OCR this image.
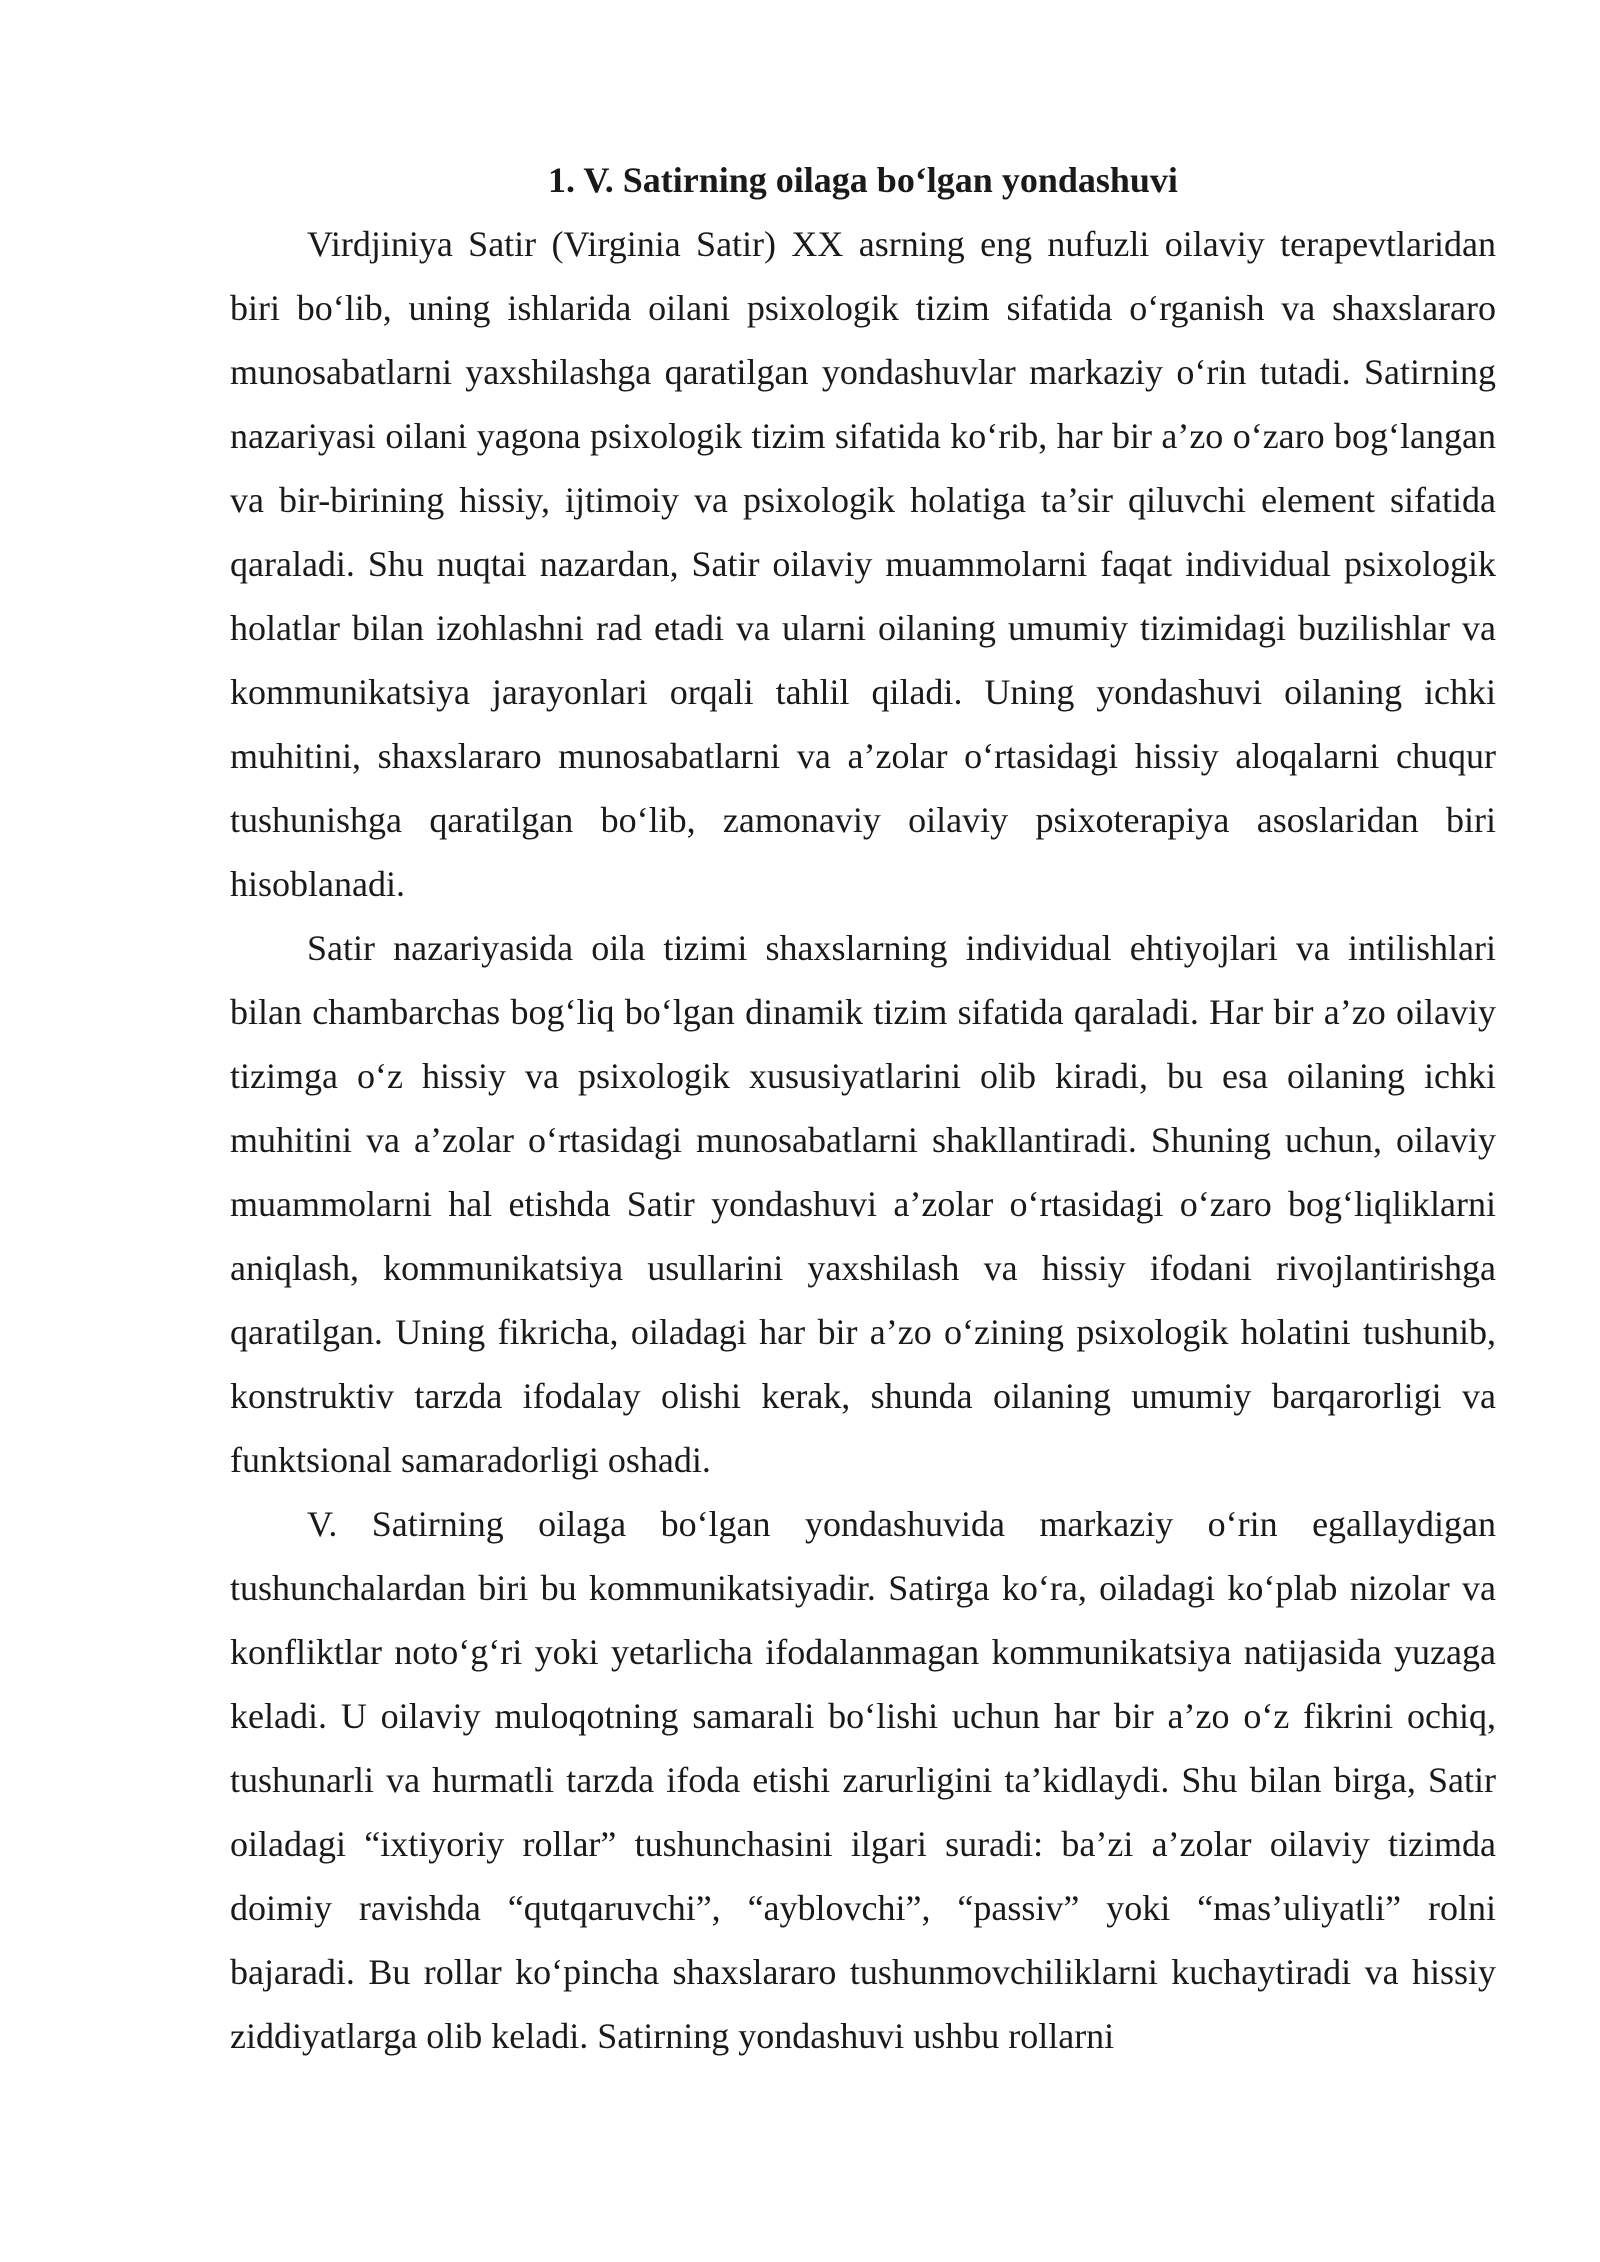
1. V. Satirning oilaga bo‘lgan yondashuvi

Virdjiniya Satir (Virginia Satir) XX asrning eng nufuzli oilaviy terapevtlaridan biri bo‘lib, uning ishlarida oilani psixologik tizim sifatida o‘rganish va shaxslararo munosabatlarni yaxshilashga qaratilgan yondashuvlar markaziy o‘rin tutadi. Satirning nazariyasi oilani yagona psixologik tizim sifatida ko‘rib, har bir a’zo o‘zaro bog‘langan va bir-birining hissiy, ijtimoiy va psixologik holatiga ta’sir qiluvchi element sifatida qaraladi. Shu nuqtai nazardan, Satir oilaviy muammolarni faqat individual psixologik holatlar bilan izohlashni rad etadi va ularni oilaning umumiy tizimidagi buzilishlar va kommunikatsiya jarayonlari orqali tahlil qiladi. Uning yondashuvi oilaning ichki muhitini, shaxslararo munosabatlarni va a’zolar o‘rtasidagi hissiy aloqalarni chuqur tushunishga qaratilgan bo‘lib, zamonaviy oilaviy psixoterapiya asoslaridan biri hisoblanadi.

Satir nazariyasida oila tizimi shaxslarning individual ehtiyojlari va intilishlari bilan chambarchas bog‘liq bo‘lgan dinamik tizim sifatida qaraladi. Har bir a’zo oilaviy tizimga o‘z hissiy va psixologik xususiyatlarini olib kiradi, bu esa oilaning ichki muhitini va a’zolar o‘rtasidagi munosabatlarni shakllantiradi. Shuning uchun, oilaviy muammolarni hal etishda Satir yondashuvi a’zolar o‘rtasidagi o‘zaro bog‘liqliklarni aniqlash, kommunikatsiya usullarini yaxshilash va hissiy ifodani rivojlantirishga qaratilgan. Uning fikricha, oiladagi har bir a’zo o‘zining psixologik holatini tushunib, konstruktiv tarzda ifodalay olishi kerak, shunda oilaning umumiy barqarorligi va funktsional samaradorligi oshadi.

V. Satirning oilaga bo‘lgan yondashuvida markaziy o‘rin egallaydigan tushunchalardan biri bu kommunikatsiyadir. Satirga ko‘ra, oiladagi ko‘plab nizolar va konfliktlar noto‘g‘ri yoki yetarlicha ifodalanmagan kommunikatsiya natijasida yuzaga keladi. U oilaviy muloqotning samarali bo‘lishi uchun har bir a’zo o‘z fikrini ochiq, tushunarli va hurmatli tarzda ifoda etishi zarurligini ta’kidlaydi. Shu bilan birga, Satir oiladagi “ixtiyoriy rollar” tushunchasini ilgari suradi: ba’zi a’zolar oilaviy tizimda doimiy ravishda “qutqaruvchi”, “ayblovchi”, “passiv” yoki “mas’uliyatli” rolni bajaradi. Bu rollar ko‘pincha shaxslararo tushunmovchiliklarni kuchaytiradi va hissiy ziddiyatlarga olib keladi. Satirning yondashuvi ushbu rollarni
